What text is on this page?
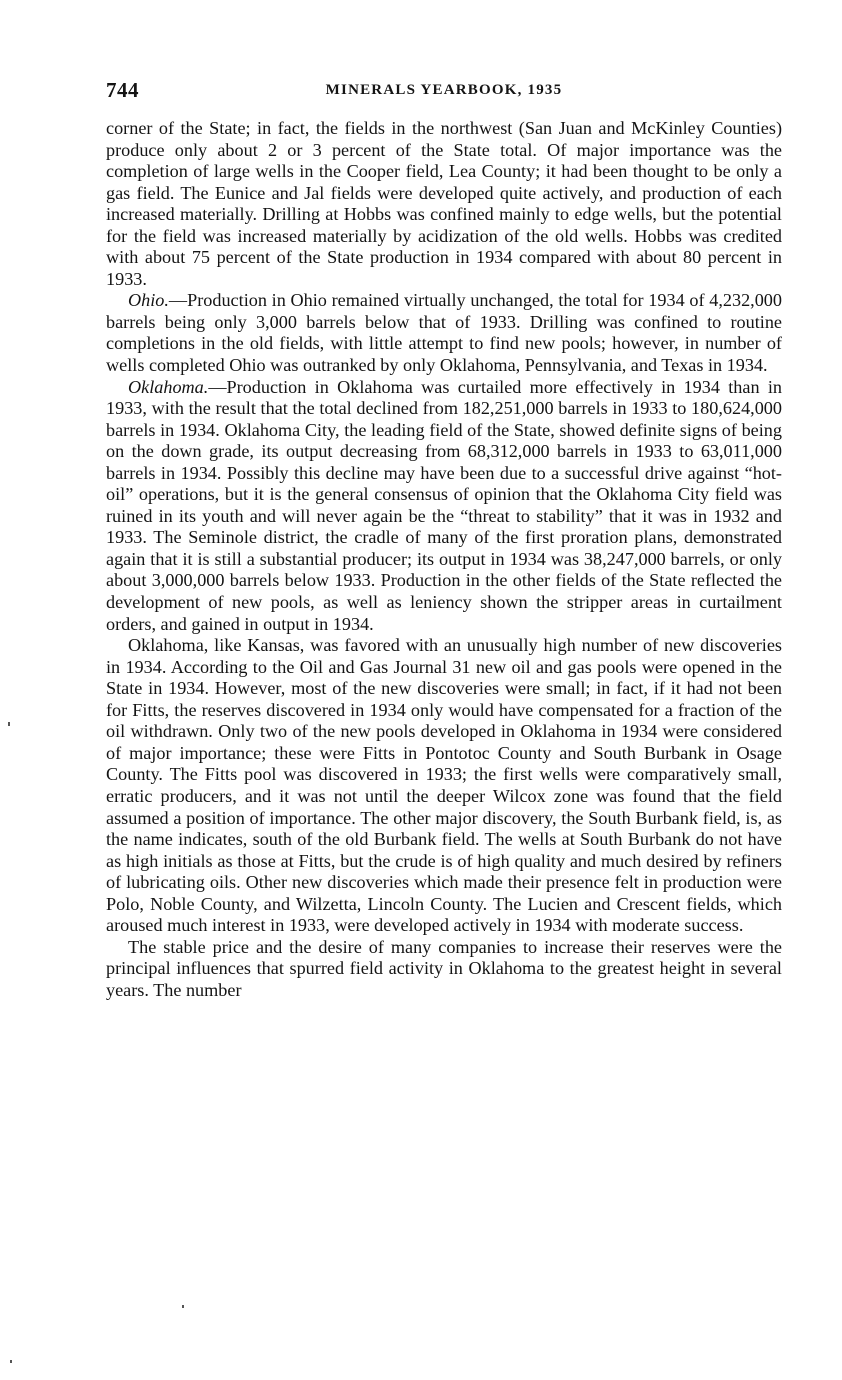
744	MINERALS YEARBOOK, 1935

corner of the State; in fact, the fields in the northwest (San Juan and McKinley Counties) produce only about 2 or 3 percent of the State total. Of major importance was the completion of large wells in the Cooper field, Lea County; it had been thought to be only a gas field. The Eunice and Jal fields were developed quite actively, and production of each increased materially. Drilling at Hobbs was confined mainly to edge wells, but the potential for the field was increased materially by acidization of the old wells. Hobbs was credited with about 75 percent of the State production in 1934 compared with about 80 percent in 1933.

Ohio.—Production in Ohio remained virtually unchanged, the total for 1934 of 4,232,000 barrels being only 3,000 barrels below that of 1933. Drilling was confined to routine completions in the old fields, with little attempt to find new pools; however, in number of wells completed Ohio was outranked by only Oklahoma, Pennsylvania, and Texas in 1934.

Oklahoma.—Production in Oklahoma was curtailed more effectively in 1934 than in 1933, with the result that the total declined from 182,251,000 barrels in 1933 to 180,624,000 barrels in 1934. Oklahoma City, the leading field of the State, showed definite signs of being on the down grade, its output decreasing from 68,312,000 barrels in 1933 to 63,011,000 barrels in 1934. Possibly this decline may have been due to a successful drive against “hot-oil” operations, but it is the general consensus of opinion that the Oklahoma City field was ruined in its youth and will never again be the “threat to stability” that it was in 1932 and 1933. The Seminole district, the cradle of many of the first proration plans, demonstrated again that it is still a substantial producer; its output in 1934 was 38,247,000 barrels, or only about 3,000,000 barrels below 1933. Production in the other fields of the State reflected the development of new pools, as well as leniency shown the stripper areas in curtailment orders, and gained in output in 1934.

Oklahoma, like Kansas, was favored with an unusually high number of new discoveries in 1934. According to the Oil and Gas Journal 31 new oil and gas pools were opened in the State in 1934. However, most of the new discoveries were small; in fact, if it had not been for Fitts, the reserves discovered in 1934 only would have compensated for a fraction of the oil withdrawn. Only two of the new pools developed in Oklahoma in 1934 were considered of major importance; these were Fitts in Pontotoc County and South Burbank in Osage County. The Fitts pool was discovered in 1933; the first wells were comparatively small, erratic producers, and it was not until the deeper Wilcox zone was found that the field assumed a position of importance. The other major discovery, the South Burbank field, is, as the name indicates, south of the old Burbank field. The wells at South Burbank do not have as high initials as those at Fitts, but the crude is of high quality and much desired by refiners of lubricating oils. Other new discoveries which made their presence felt in production were Polo, Noble County, and Wilzetta, Lincoln County. The Lucien and Crescent fields, which aroused much interest in 1933, were developed actively in 1934 with moderate success.

The stable price and the desire of many companies to increase their reserves were the principal influences that spurred field activity in Oklahoma to the greatest height in several years. The number
